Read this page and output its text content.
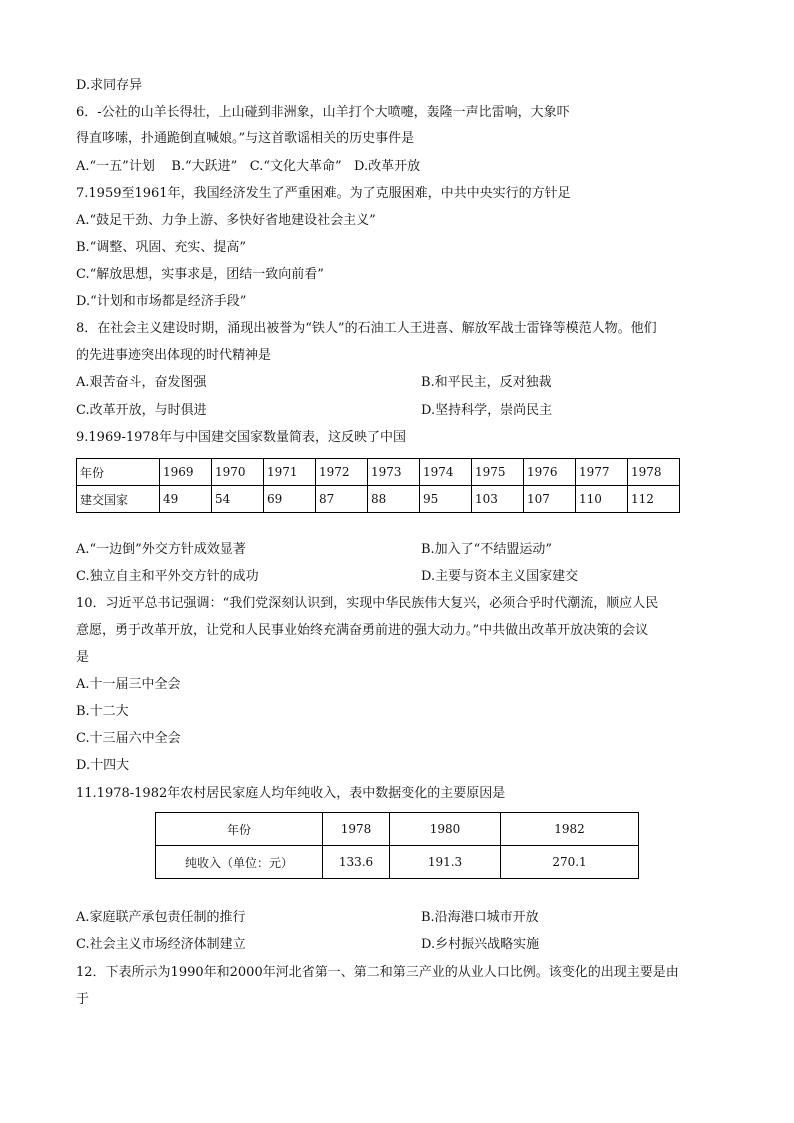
D.求同存异
6．-公社的山羊长得壮，上山碰到非洲象，山羊打个大喷嚏，轰隆一声比雷响，大象吓
得直哆嗦，扑通跪倒直喊娘。”与这首歌谣相关的历史事件是
A.“一五”计划    B.“大跃进”   C.“文化大革命”   D.改革开放
7.1959至1961年，我国经济发生了严重困难。为了克服困难，中共中央实行的方针足
A.“鼓足干劲、力争上游、多快好省地建设社会主义”
B.“调整、巩固、充实、提高”
C.“解放思想，实事求是，团结一致向前看”
D.“计划和市场都是经济手段”
8．在社会主义建设时期，涌现出被誉为“铁人”的石油工人王进喜、解放军战士雷锋等模范人物。他们
的先进事迹突出体现的时代精神是
A.艰苦奋斗，奋发图强	B.和平民主，反对独裁
C.改革开放，与时俱进	D.坚持科学，崇尚民主
9.1969-1978年与中国建交国家数量简表，这反映了中国
年份	1969	1970	1971	1972	1973	1974	1975	1976	1977	1978
建交国家	49	54	69	87	88	95	103	107	110	112
A.“一边倒”外交方针成效显著	B.加入了“不结盟运动”
C.独立自主和平外交方针的成功	D.主要与资本主义国家建交
10．习近平总书记强调：“我们党深刻认识到，实现中华民族伟大复兴，必须合乎时代潮流，顺应人民
意愿，勇于改革开放，让党和人民事业始终充满奋勇前进的强大动力。”中共做出改革开放决策的会议
是
A.十一届三中全会
B.十二大
C.十三届六中全会
D.十四大
11.1978-1982年农村居民家庭人均年纯收入，表中数据变化的主要原因是
年份	1978	1980	1982
纯收入（单位：元）	133.6	191.3	270.1
A.家庭联产承包责任制的推行	B.沿海港口城市开放
C.社会主义市场经济体制建立	D.乡村振兴战略实施
12．下表所示为1990年和2000年河北省第一、第二和第三产业的从业人口比例。该变化的出现主要是由
于
